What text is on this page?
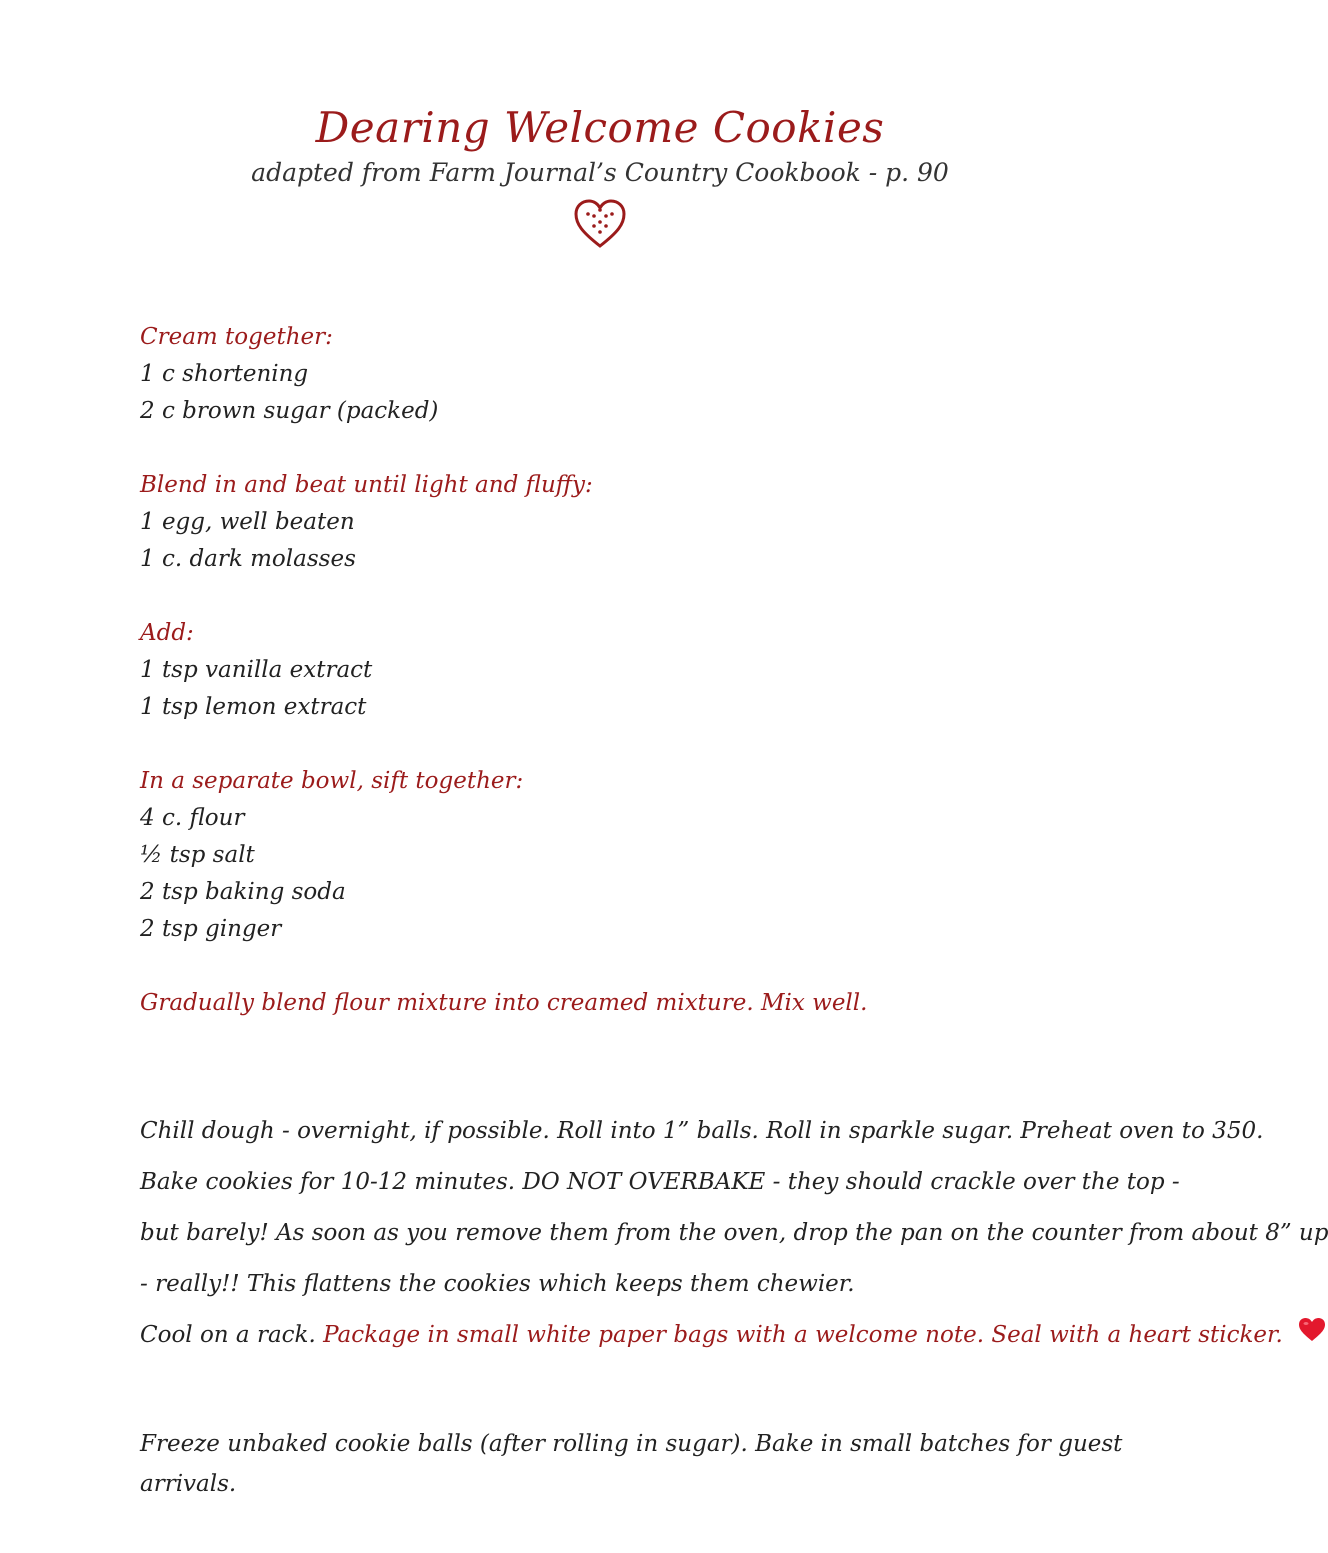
Dearing Welcome Cookies

adapted from Farm Journal’s Country Cookbook - p. 90

Cream together:
1 c shortening
2 c brown sugar (packed)
Blend in and beat until light and fluffy:
1 egg, well beaten
1 c. dark molasses
Add:
1 tsp vanilla extract
1 tsp lemon extract
In a separate bowl, sift together:
4 c. flour
½ tsp salt
2 tsp baking soda
2 tsp ginger
Gradually blend flour mixture into creamed mixture. Mix well.
Chill dough - overnight, if possible. Roll into 1” balls. Roll in sparkle sugar. Preheat oven to 350.
Bake cookies for 10-12 minutes. DO NOT OVERBAKE - they should crackle over the top -
but barely! As soon as you remove them from the oven, drop the pan on the counter from about 8” up
- really!! This flattens the cookies which keeps them chewier.
Cool on a rack. Package in small white paper bags with a welcome note. Seal with a heart sticker.
Freeze unbaked cookie balls (after rolling in sugar). Bake in small batches for guest arrivals.
